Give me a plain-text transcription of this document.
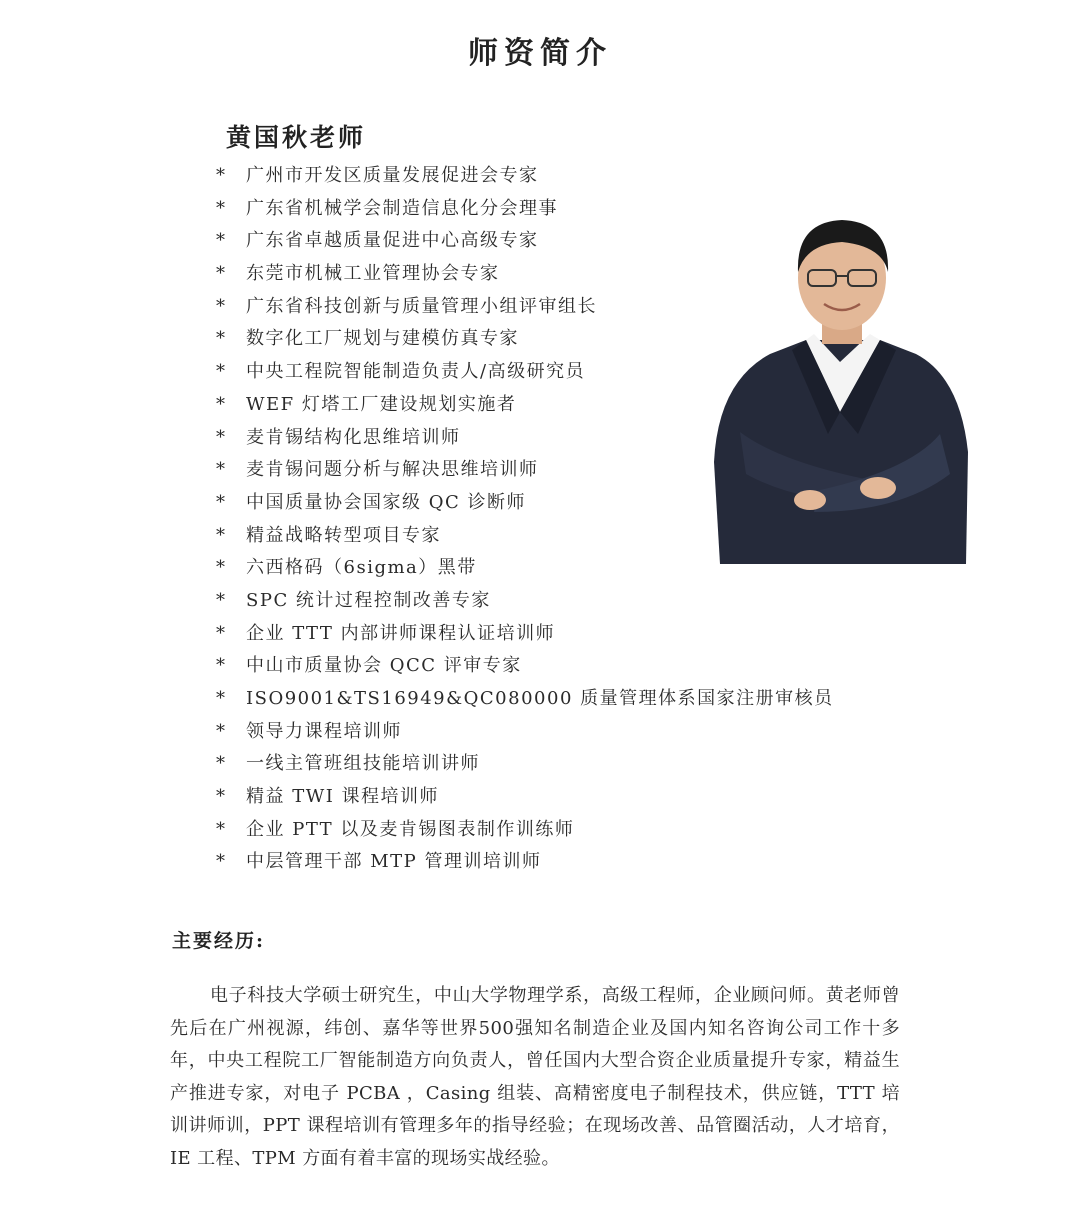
师资简介
黄国秋老师
* 广州市开发区质量发展促进会专家
* 广东省机械学会制造信息化分会理事
* 广东省卓越质量促进中心高级专家
* 东莞市机械工业管理协会专家
* 广东省科技创新与质量管理小组评审组长
* 数字化工厂规划与建模仿真专家
* 中央工程院智能制造负责人/高级研究员
* WEF 灯塔工厂建设规划实施者
* 麦肯锡结构化思维培训师
* 麦肯锡问题分析与解决思维培训师
* 中国质量协会国家级 QC 诊断师
* 精益战略转型项目专家
* 六西格码（6sigma）黑带
* SPC 统计过程控制改善专家
* 企业 TTT 内部讲师课程认证培训师
* 中山市质量协会 QCC 评审专家
* ISO9001&TS16949&QC080000 质量管理体系国家注册审核员
* 领导力课程培训师
* 一线主管班组技能培训讲师
* 精益 TWI 课程培训师
* 企业 PTT 以及麦肯锡图表制作训练师
* 中层管理干部 MTP 管理训培训师
主要经历:

电子科技大学硕士研究生，中山大学物理学系，高级工程师，企业顾问师。黄老师曾先后在广州视源，纬创、嘉华等世界500强知名制造企业及国内知名咨询公司工作十多年，中央工程院工厂智能制造方向负责人，曾任国内大型合资企业质量提升专家，精益生产推进专家，对电子 PCBA ，Casing 组装、高精密度电子制程技术，供应链，TTT 培训讲师训，PPT 课程培训有管理多年的指导经验；在现场改善、品管圈活动，人才培育，IE 工程、TPM 方面有着丰富的现场实战经验。
